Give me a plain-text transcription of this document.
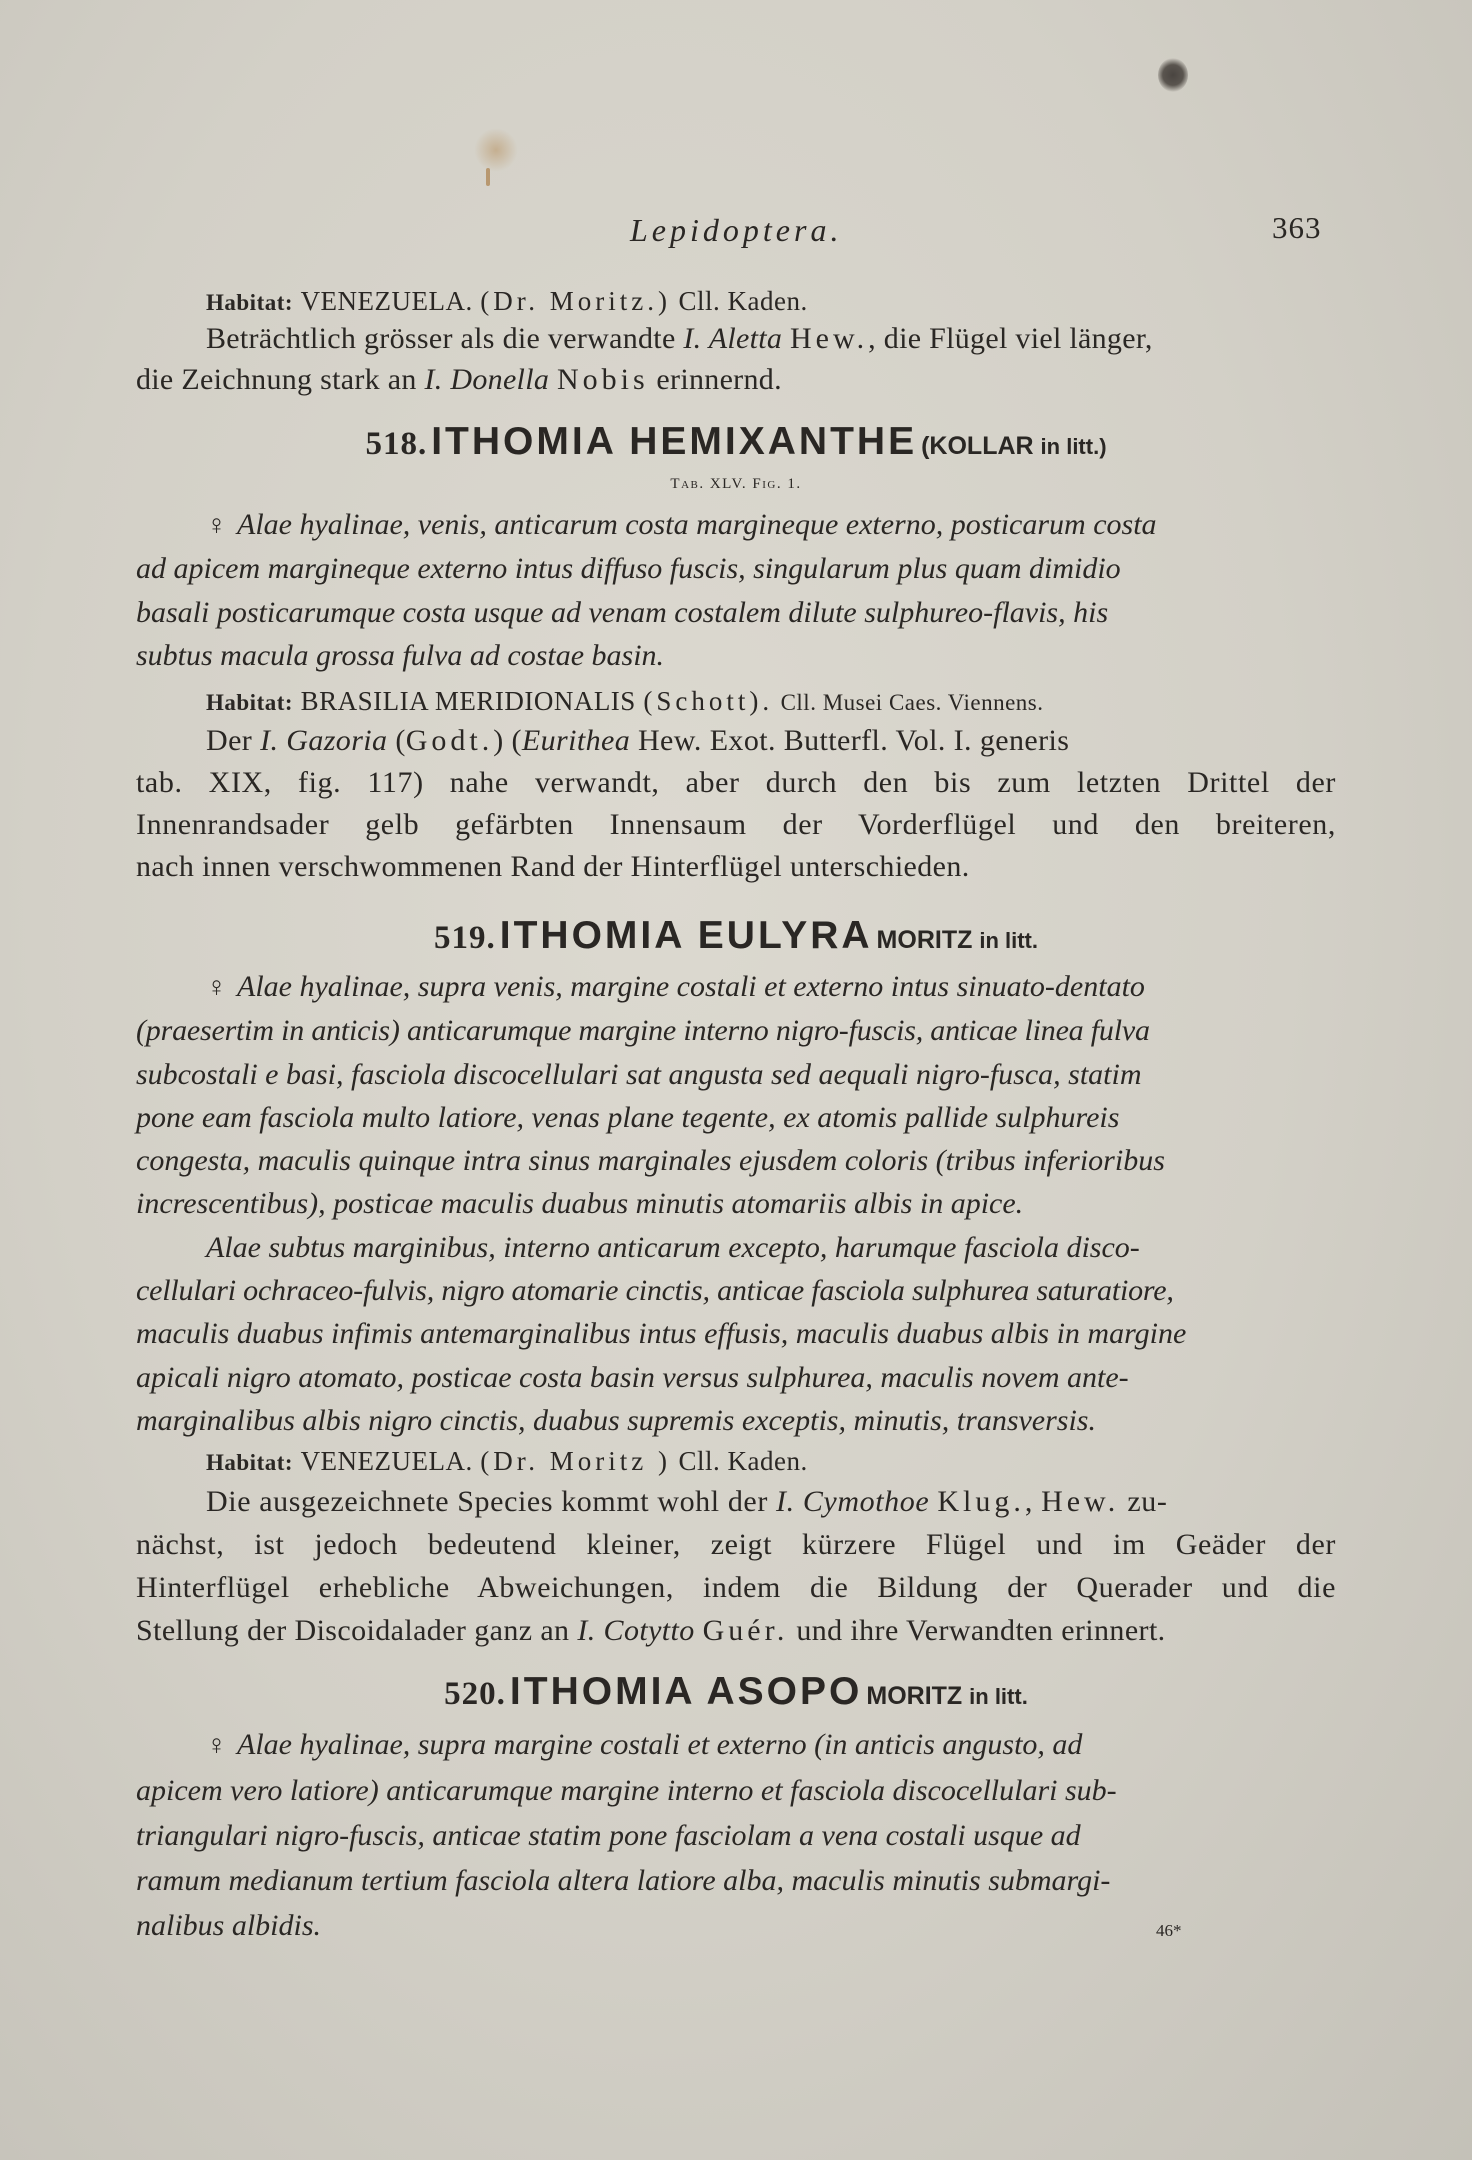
Lepidoptera.	363

Habitat: VENEZUELA. (Dr. Moritz.) Cll. Kaden.

Beträchtlich grösser als die verwandte I. Aletta Hew., die Flügel viel länger,

die Zeichnung stark an I. Donella Nobis erinnernd.

518. ITHOMIA HEMIXANTHE (KOLLAR in litt.)
Tab. XLV. Fig. 1.

♀ Alae hyalinae, venis, anticarum costa margineque externo, posticarum costa

ad apicem margineque externo intus diffuso fuscis, singularum plus quam dimidio

basali posticarumque costa usque ad venam costalem dilute sulphureo-flavis, his

subtus macula grossa fulva ad costae basin.

Habitat: BRASILIA MERIDIONALIS (Schott). Cll. Musei Caes. Viennens.

Der I. Gazoria (Godt.) (Eurithea Hew. Exot. Butterfl. Vol. I. generis

tab. XIX, fig. 117) nahe verwandt, aber durch den bis zum letzten Drittel der

Innenrandsader gelb gefärbten Innensaum der Vorderflügel und den breiteren,

nach innen verschwommenen Rand der Hinterflügel unterschieden.

519. ITHOMIA EULYRA MORITZ in litt.

♀ Alae hyalinae, supra venis, margine costali et externo intus sinuato-dentato

(praesertim in anticis) anticarumque margine interno nigro-fuscis, anticae linea fulva

subcostali e basi, fasciola discocellulari sat angusta sed aequali nigro-fusca, statim

pone eam fasciola multo latiore, venas plane tegente, ex atomis pallide sulphureis

congesta, maculis quinque intra sinus marginales ejusdem coloris (tribus inferioribus

increscentibus), posticae maculis duabus minutis atomariis albis in apice.

Alae subtus marginibus, interno anticarum excepto, harumque fasciola disco-

cellulari ochraceo-fulvis, nigro atomarie cinctis, anticae fasciola sulphurea saturatiore,

maculis duabus infimis antemarginalibus intus effusis, maculis duabus albis in margine

apicali nigro atomato, posticae costa basin versus sulphurea, maculis novem ante-

marginalibus albis nigro cinctis, duabus supremis exceptis, minutis, transversis.

Habitat: VENEZUELA. (Dr. Moritz ) Cll. Kaden.

Die ausgezeichnete Species kommt wohl der I. Cymothoe Klug., Hew. zu-

nächst, ist jedoch bedeutend kleiner, zeigt kürzere Flügel und im Geäder der

Hinterflügel erhebliche Abweichungen, indem die Bildung der Querader und die

Stellung der Discoidalader ganz an I. Cotytto Guér. und ihre Verwandten erinnert.

520. ITHOMIA ASOPO MORITZ in litt.

♀ Alae hyalinae, supra margine costali et externo (in anticis angusto, ad

apicem vero latiore) anticarumque margine interno et fasciola discocellulari sub-

triangulari nigro-fuscis, anticae statim pone fasciolam a vena costali usque ad

ramum medianum tertium fasciola altera latiore alba, maculis minutis submargi-

nalibus albidis.	46*
